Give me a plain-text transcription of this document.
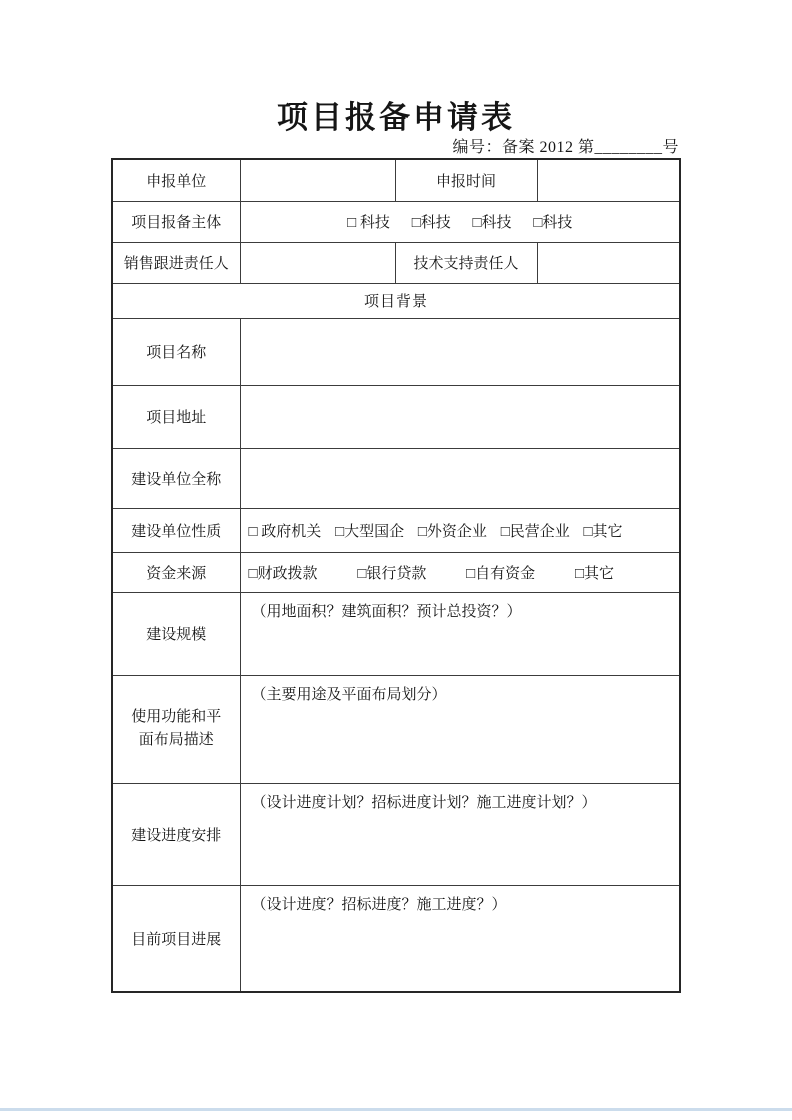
项目报备申请表
编号：备案 2012 第________号
申报单位		申报时间	
项目报备主体	□ 科技 □科技 □科技 □科技		
销售跟进责任人		技术支持责任人	
项目背景			
项目名称			
项目地址			
建设单位全称			
建设单位性质	□ 政府机关 □大型国企 □外资企业 □民营企业 □其它		
资金来源	□财政拨款 □银行贷款 □自有资金 □其它		
建设规模	（用地面积？建筑面积？预计总投资？）		
使用功能和平面布局描述	（主要用途及平面布局划分）		
建设进度安排	（设计进度计划？招标进度计划？施工进度计划？）		
目前项目进展	（设计进度？招标进度？施工进度？）		
